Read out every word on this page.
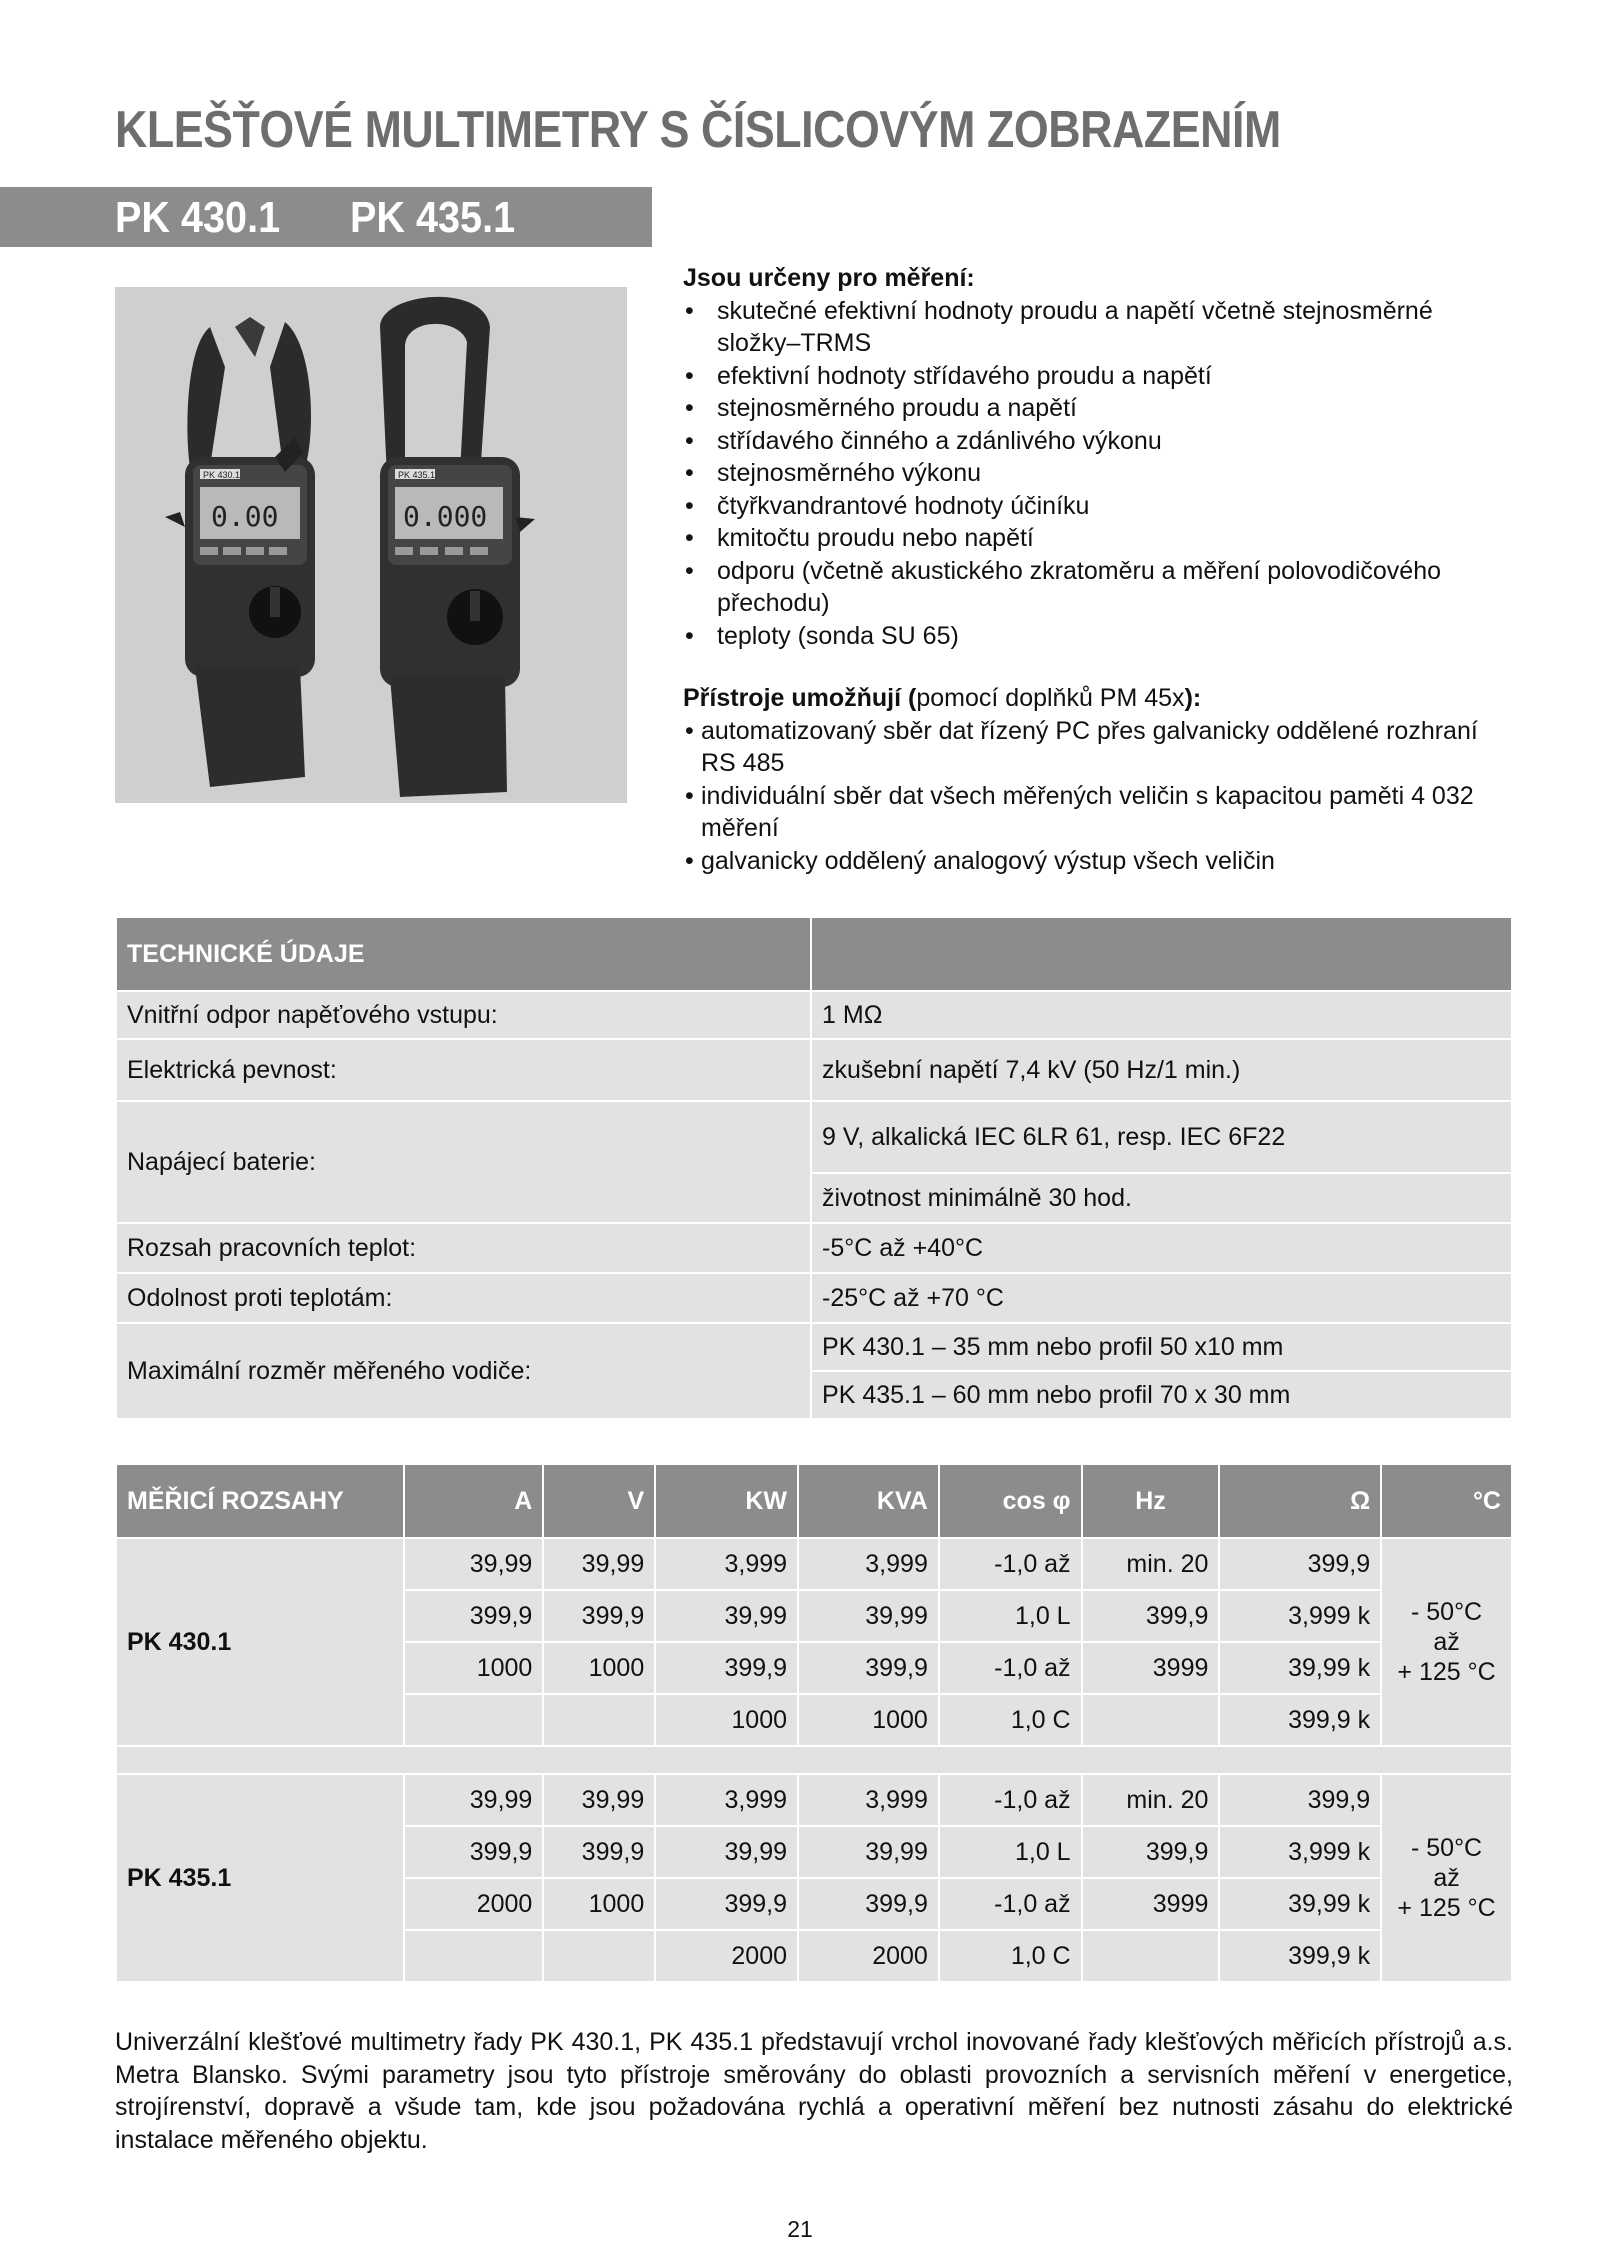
KLEŠŤOVÉ MULTIMETRY S ČÍSLICOVÝM ZOBRAZENÍM
PK 430.1 PK 435.1
0.00
PK 430.1
0.000
PK 435.1
Jsou určeny pro měření:
• skutečné efektivní hodnoty proudu a napětí včetně stejnosměrné složky–TRMS
• efektivní hodnoty střídavého proudu a napětí
• stejnosměrného proudu a napětí
• střídavého činného a zdánlivého výkonu
• stejnosměrného výkonu
• čtyřkvandrantové hodnoty účiníku
• kmitočtu proudu nebo napětí
• odporu (včetně akustického zkratoměru a měření polovodičového přechodu)
• teploty (sonda SU 65)
Přístroje umožňují (pomocí doplňků PM 45x):
• automatizovaný sběr dat řízený PC přes galvanicky oddělené rozhraní RS 485
• individuální sběr dat všech měřených veličin s kapacitou paměti 4 032 měření
• galvanicky oddělený analogový výstup všech veličin
TECHNICKÉ ÚDAJE	
Vnitřní odpor napěťového vstupu:	1 MΩ
Elektrická pevnost:	zkušební napětí 7,4 kV (50 Hz/1 min.)
Napájecí baterie:	9 V, alkalická IEC 6LR 61, resp. IEC 6F22
	životnost minimálně 30 hod.
Rozsah pracovních teplot:	-5°C až +40°C
Odolnost proti teplotám:	-25°C až +70 °C
Maximální rozměr měřeného vodiče:	PK 430.1 – 35 mm nebo profil 50 x10 mm
	PK 435.1 – 60 mm nebo profil 70 x 30 mm
MĚŘICÍ ROZSAHY	A	V	KW	KVA	cos φ	Hz	Ω	°C
PK 430.1	39,99	39,99	3,999	3,999	-1,0 až	min. 20	399,9	- 50°C
až
+ 125 °C

	399,9	399,9	39,99	39,99	1,0 L	399,9	3,999 k	
	1000	1000	399,9	399,9	-1,0 až	3999	39,99 k	
			1000	1000	1,0 C		399,9 k	

PK 435.1	39,99	39,99	3,999	3,999	-1,0 až	min. 20	399,9	- 50°C
až
+ 125 °C

	399,9	399,9	39,99	39,99	1,0 L	399,9	3,999 k	
	2000	1000	399,9	399,9	-1,0 až	3999	39,99 k	
			2000	2000	1,0 C		399,9 k	
Univerzální klešťové multimetry řady PK 430.1, PK 435.1 představují vrchol inovované řady klešťových měřicích přístrojů a.s. Metra Blansko. Svými parametry jsou tyto přístroje směrovány do oblasti provozních a servisních měření v energetice, strojírenství, dopravě a všude tam, kde jsou požadována rychlá a operativní měření bez nutnosti zásahu do elektrické instalace měřeného objektu.
21
